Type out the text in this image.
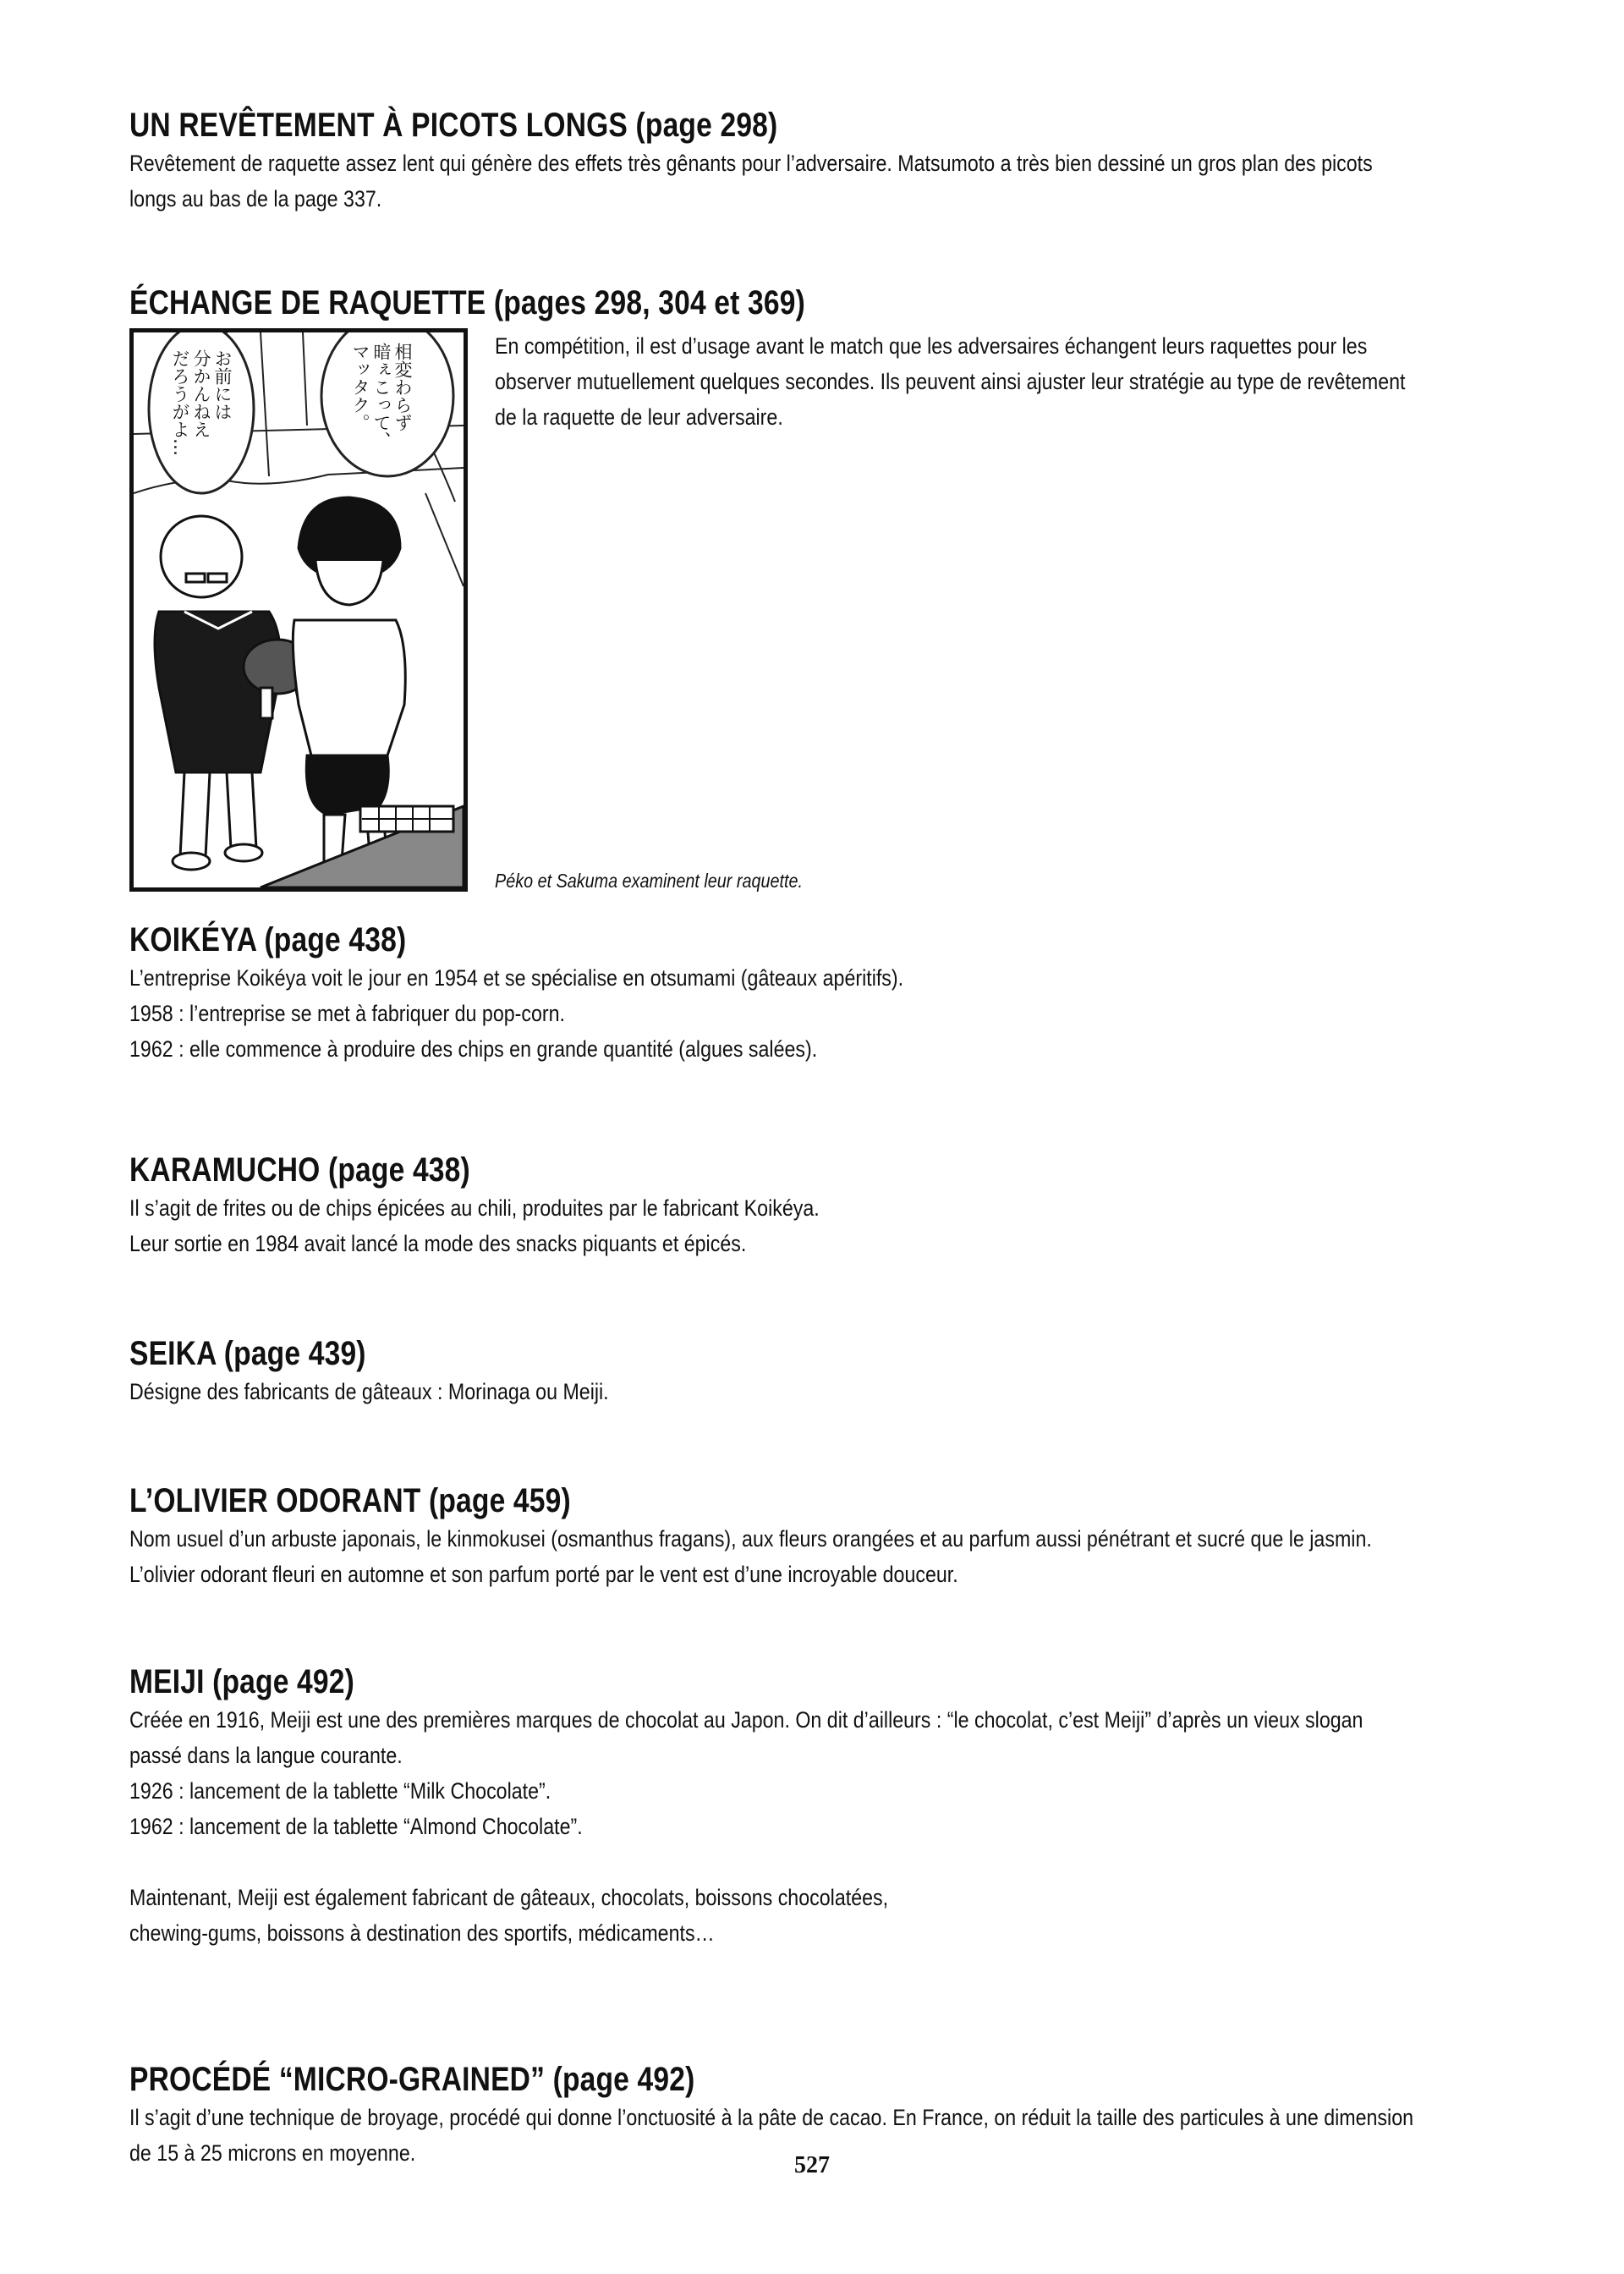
UN REVÊTEMENT À PICOTS LONGS (page 298)

Revêtement de raquette assez lent qui génère des effets très gênants pour l’adversaire. Matsumoto a très bien dessiné un gros plan des picots

longs au bas de la page 337.

ÉCHANGE DE RAQUETTE (pages 298, 304 et 369)
相変わらず
暗ぇこって、
マッタク。
お前には
分かんねえ
だろうがよ…

En compétition, il est d’usage avant le match que les adversaires échangent leurs raquettes pour les

observer mutuellement quelques secondes. Ils peuvent ainsi ajuster leur stratégie au type de revêtement

de la raquette de leur adversaire.

Péko et Sakuma examinent leur raquette.
KOIKÉYA (page 438)

L’entreprise Koikéya voit le jour en 1954 et se spécialise en otsumami (gâteaux apéritifs).

1958 : l’entreprise se met à fabriquer du pop-corn.

1962 : elle commence à produire des chips en grande quantité (algues salées).

KARAMUCHO (page 438)

Il s’agit de frites ou de chips épicées au chili, produites par le fabricant Koikéya.

Leur sortie en 1984 avait lancé la mode des snacks piquants et épicés.

SEIKA (page 439)

Désigne des fabricants de gâteaux : Morinaga ou Meiji.

L’OLIVIER ODORANT (page 459)

Nom usuel d’un arbuste japonais, le kinmokusei (osmanthus fragans), aux fleurs orangées et au parfum aussi pénétrant et sucré que le jasmin.

L’olivier odorant fleuri en automne et son parfum porté par le vent est d’une incroyable douceur.

MEIJI (page 492)

Créée en 1916, Meiji est une des premières marques de chocolat au Japon. On dit d’ailleurs : “le chocolat, c’est Meiji” d’après un vieux slogan

passé dans la langue courante.

1926 : lancement de la tablette “Milk Chocolate”.

1962 : lancement de la tablette “Almond Chocolate”.

Maintenant, Meiji est également fabricant de gâteaux, chocolats, boissons chocolatées,

chewing-gums, boissons à destination des sportifs, médicaments…

PROCÉDÉ “MICRO-GRAINED” (page 492)

Il s’agit d’une technique de broyage, procédé qui donne l’onctuosité à la pâte de cacao. En France, on réduit la taille des particules à une dimension

de 15 à 25 microns en moyenne.	527
